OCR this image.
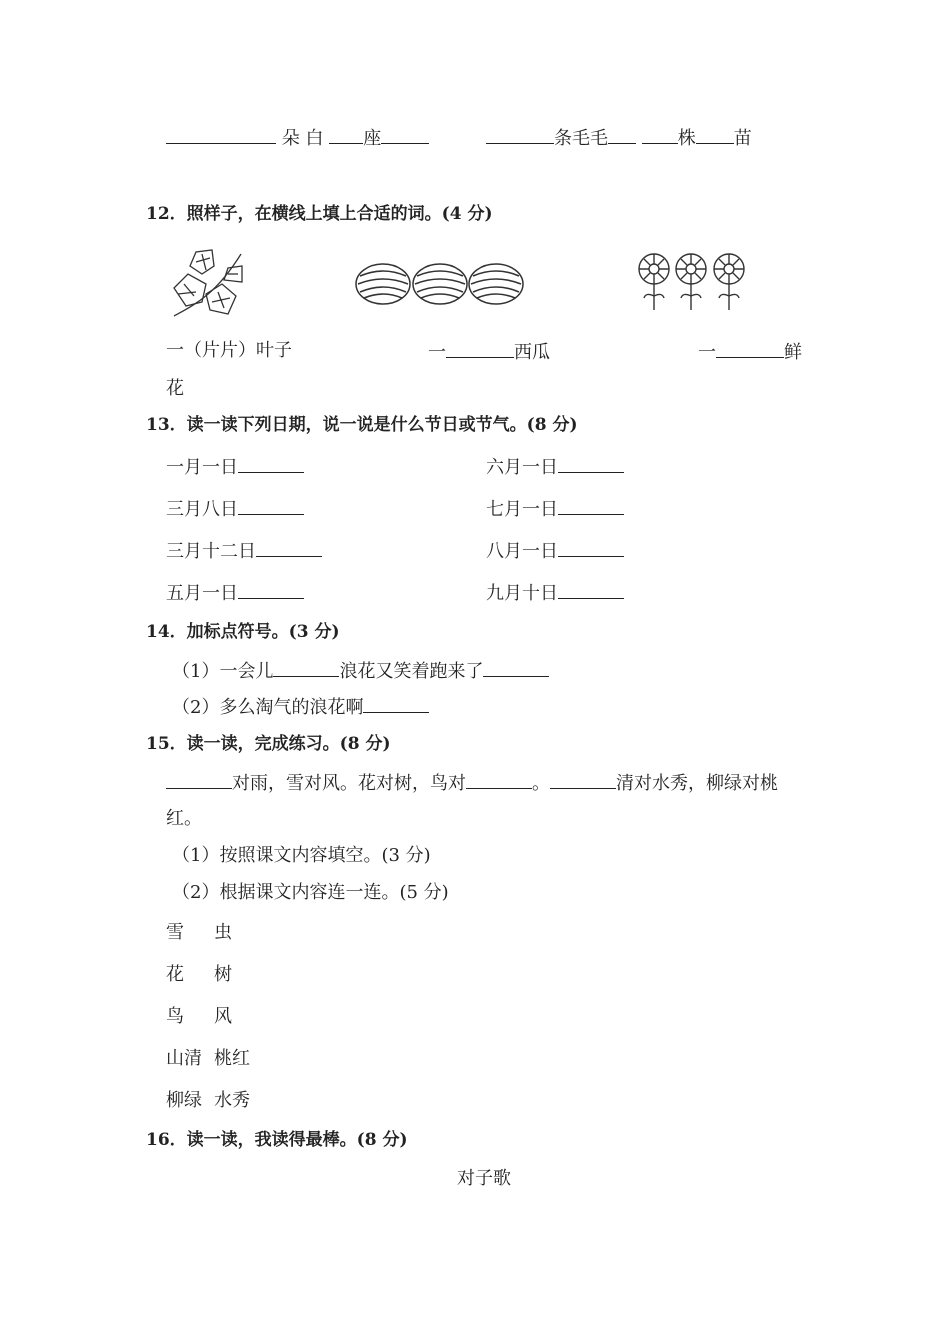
朵 白 座	条毛毛	株 苗
12．照样子，在横线上填上合适的词。(4 分)
一（片片）叶子	一	西瓜	一	鲜
花
13．读一读下列日期，说一说是什么节日或节气。(8 分)
一月一日	六月一日
三月八日	七月一日
三月十二日	八月一日
五月一日	九月十日
14．加标点符号。(3 分)
（1）一会儿	浪花又笑着跑来了
（2）多么淘气的浪花啊
15．读一读，完成练习。(8 分)
对雨，雪对风。花对树，鸟对	。	清对水秀，柳绿对桃
红。
（1）按照课文内容填空。(3 分)
（2）根据课文内容连一连。(5 分)
雪 虫
花 树
鸟 风
山清 桃红
柳绿 水秀
16．读一读，我读得最棒。(8 分)
对子歌
